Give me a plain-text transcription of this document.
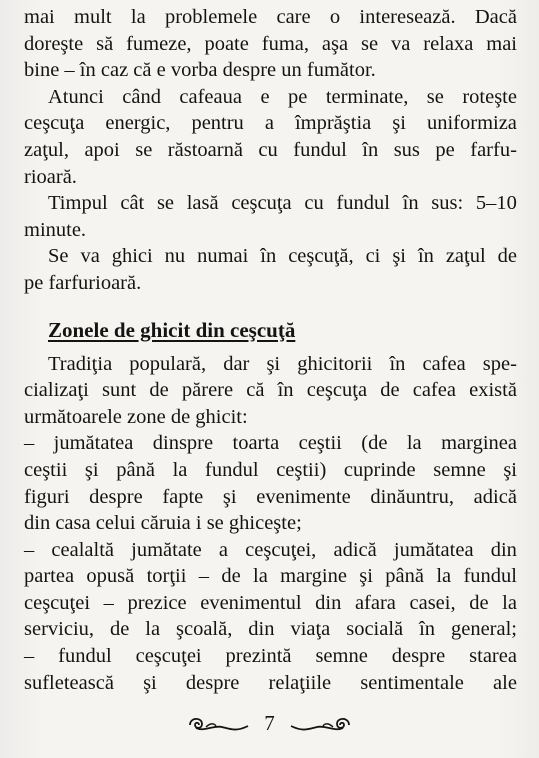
mai mult la problemele care o interesează. Dacă
doreşte să fumeze, poate fuma, aşa se va relaxa mai
bine – în caz că e vorba despre un fumător.
Atunci când cafeaua e pe terminate, se roteşte
ceşcuţa energic, pentru a împrăştia şi uniformiza
zaţul, apoi se răstoarnă cu fundul în sus pe farfu-
rioară.
Timpul cât se lasă ceşcuţa cu fundul în sus: 5–10
minute.
Se va ghici nu numai în ceşcuţă, ci şi în zaţul de
pe farfurioară.
Zonele de ghicit din ceşcuţă
Tradiţia populară, dar şi ghicitorii în cafea spe-
cializaţi sunt de părere că în ceşcuţa de cafea există
următoarele zone de ghicit:
– jumătatea dinspre toarta ceştii (de la marginea
ceştii şi până la fundul ceştii) cuprinde semne şi
figuri despre fapte şi evenimente dinăuntru, adică
din casa celui căruia i se ghiceşte;
– cealaltă jumătate a ceşcuţei, adică jumătatea din
partea opusă torţii – de la margine şi până la fundul
ceşcuţei – prezice evenimentul din afara casei, de la
serviciu, de la şcoală, din viaţa socială în general;
– fundul ceşcuţei prezintă semne despre starea
sufletească şi despre relaţiile sentimentale ale
7
